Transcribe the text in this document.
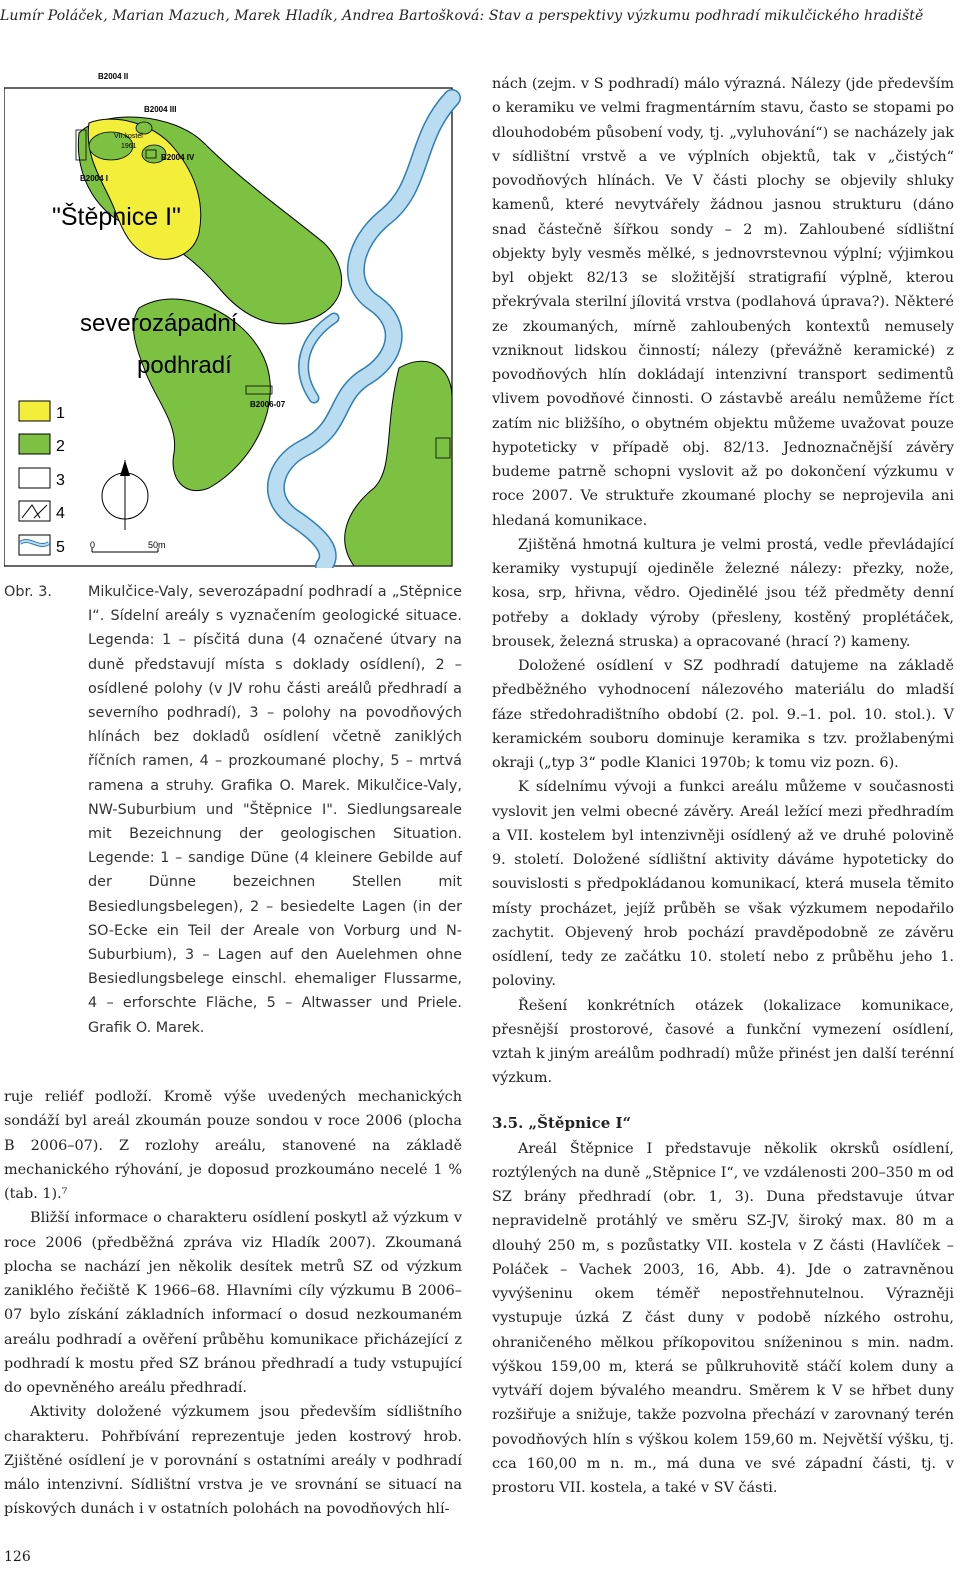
Lumír Poláček, Marian Mazuch, Marek Hladík, Andrea Bartošková: Stav a perspektivy výzkumu podhradí mikulčického hradiště
B2004 II
B2004 III
VII.kostel
1961
B2004 IV
B2004 I
"Štěpnice I"
severozápadní
podhradí
B2006-07
0	50m
1
2
3
4
5
Obr. 3.	Mikulčice-Valy, severozápadní podhradí a „Stěpnice I“. Sídelní areály s vyznačením geologické situace. Legenda: 1 – písčitá duna (4 označené útvary na duně představují místa s doklady osídlení), 2 – osídlené polohy (v JV rohu části areálů předhradí a severního podhradí), 3 – polohy na povodňových hlínách bez dokladů osídlení včetně zaniklých říčních ramen, 4 – prozkoumané plochy, 5 – mrtvá ramena a struhy. Grafika O. Marek. Mikulčice-Valy, NW-Suburbium und "Štěpnice I". Siedlungsareale mit Bezeichnung der geologischen Situation. Legende: 1 – sandige Düne (4 kleinere Gebilde auf der Dünne bezeichnen Stellen mit Besiedlungsbelegen), 2 – besiedelte Lagen (in der SO-Ecke ein Teil der Areale von Vorburg und N-Suburbium), 3 – Lagen auf den Auelehmen ohne Besiedlungsbelege einschl. ehemaliger Flussarme, 4 – erforschte Fläche, 5 – Altwasser und Priele. Grafik O. Marek.

ruje reliéf podloží. Kromě výše uvedených mechanických sondáží byl areál zkoumán pouze sondou v roce 2006 (plocha B 2006–07). Z rozlohy areálu, stanovené na základě mechanického rýhování, je doposud prozkoumáno necelé 1 % (tab. 1).⁷

Bližší informace o charakteru osídlení poskytl až výzkum v roce 2006 (předběžná zpráva viz Hladík 2007). Zkoumaná plocha se nachází jen několik desítek metrů SZ od výzkum zaniklého řečiště K 1966–68. Hlavními cíly výzkumu B 2006–07 bylo získání základních informací o dosud nezkoumaném areálu podhradí a ověření průběhu komunikace přicházející z podhradí k mostu před SZ bránou předhradí a tudy vstupující do opevněného areálu předhradí.

Aktivity doložené výzkumem jsou především sídlištního charakteru. Pohřbívání reprezentuje jeden kostrový hrob. Zjištěné osídlení je v porovnání s ostatními areály v podhradí málo intenzivní. Sídlištní vrstva je ve srovnání se situací na pískových dunách i v ostatních polohách na povodňových hlí-

nách (zejm. v S podhradí) málo výrazná. Nálezy (jde především o keramiku ve velmi fragmentárním stavu, často se stopami po dlouhodobém působení vody, tj. „vyluhování“) se nacházely jak v sídlištní vrstvě a ve výplních objektů, tak v „čistých“ povodňových hlínách. Ve V části plochy se objevily shluky kamenů, které nevytvářely žádnou jasnou strukturu (dáno snad částečně šířkou sondy – 2 m). Zahloubené sídlištní objekty byly vesměs mělké, s jednovrstevnou výplní; výjimkou byl objekt 82/13 se složitější stratigrafií výplně, kterou překrývala sterilní jílovitá vrstva (podlahová úprava?). Některé ze zkoumaných, mírně zahloubených kontextů nemusely vzniknout lidskou činností; nálezy (převážně keramické) z povodňových hlín dokládají intenzivní transport sedimentů vlivem povodňové činnosti. O zástavbě areálu nemůžeme říct zatím nic bližšího, o obytném objektu můžeme uvažovat pouze hypoteticky v případě obj. 82/13. Jednoznačnější závěry budeme patrně schopni vyslovit až po dokončení výzkumu v roce 2007. Ve struktuře zkoumané plochy se neprojevila ani hledaná komunikace.

Zjištěná hmotná kultura je velmi prostá, vedle převládající keramiky vystupují ojediněle železné nálezy: přezky, nože, kosa, srp, hřivna, vědro. Ojedinělé jsou též předměty denní potřeby a doklady výroby (přesleny, kostěný proplétáček, brousek, železná struska) a opracované (hrací ?) kameny.

Doložené osídlení v SZ podhradí datujeme na základě předběžného vyhodnocení nálezového materiálu do mladší fáze středohradištního období (2. pol. 9.–1. pol. 10. stol.). V keramickém souboru dominuje keramika s tzv. prožlabenými okraji („typ 3“ podle Klanici 1970b; k tomu viz pozn. 6).

K sídelnímu vývoji a funkci areálu můžeme v současnosti vyslovit jen velmi obecné závěry. Areál ležící mezi předhradím a VII. kostelem byl intenzivněji osídlený až ve druhé polovině 9. století. Doložené sídlištní aktivity dáváme hypoteticky do souvislosti s předpokládanou komunikací, která musela těmito místy procházet, jejíž průběh se však výzkumem nepodařilo zachytit. Objevený hrob pochází pravděpodobně ze závěru osídlení, tedy ze začátku 10. století nebo z průběhu jeho 1. poloviny.

Řešení konkrétních otázek (lokalizace komunikace, přesnější prostorové, časové a funkční vymezení osídlení, vztah k jiným areálům podhradí) může přinést jen další terénní výzkum.

3.5. „Štěpnice I“

Areál Štěpnice I představuje několik okrsků osídlení, roztýlených na duně „Stěpnice I“, ve vzdálenosti 200–350 m od SZ brány předhradí (obr. 1, 3). Duna představuje útvar nepravidelně protáhlý ve směru SZ-JV, široký max. 80 m a dlouhý 250 m, s pozůstatky VII. kostela v Z části (Havlíček – Poláček – Vachek 2003, 16, Abb. 4). Jde o zatravněnou vyvýšeninu okem téměř nepostřehnutelnou. Výrazněji vystupuje úzká Z část duny v podobě nízkého ostrohu, ohraničeného mělkou příkopovitou sníženinou s min. nadm. výškou 159,00 m, která se půlkruhovitě stáčí kolem duny a vytváří dojem bývalého meandru. Směrem k V se hřbet duny rozšiřuje a snižuje, takže pozvolna přechází v zarovnaný terén povodňových hlín s výškou kolem 159,60 m. Největší výšku, tj. cca 160,00 m n. m., má duna ve své západní části, tj. v prostoru VII. kostela, a také v SV části.

126
